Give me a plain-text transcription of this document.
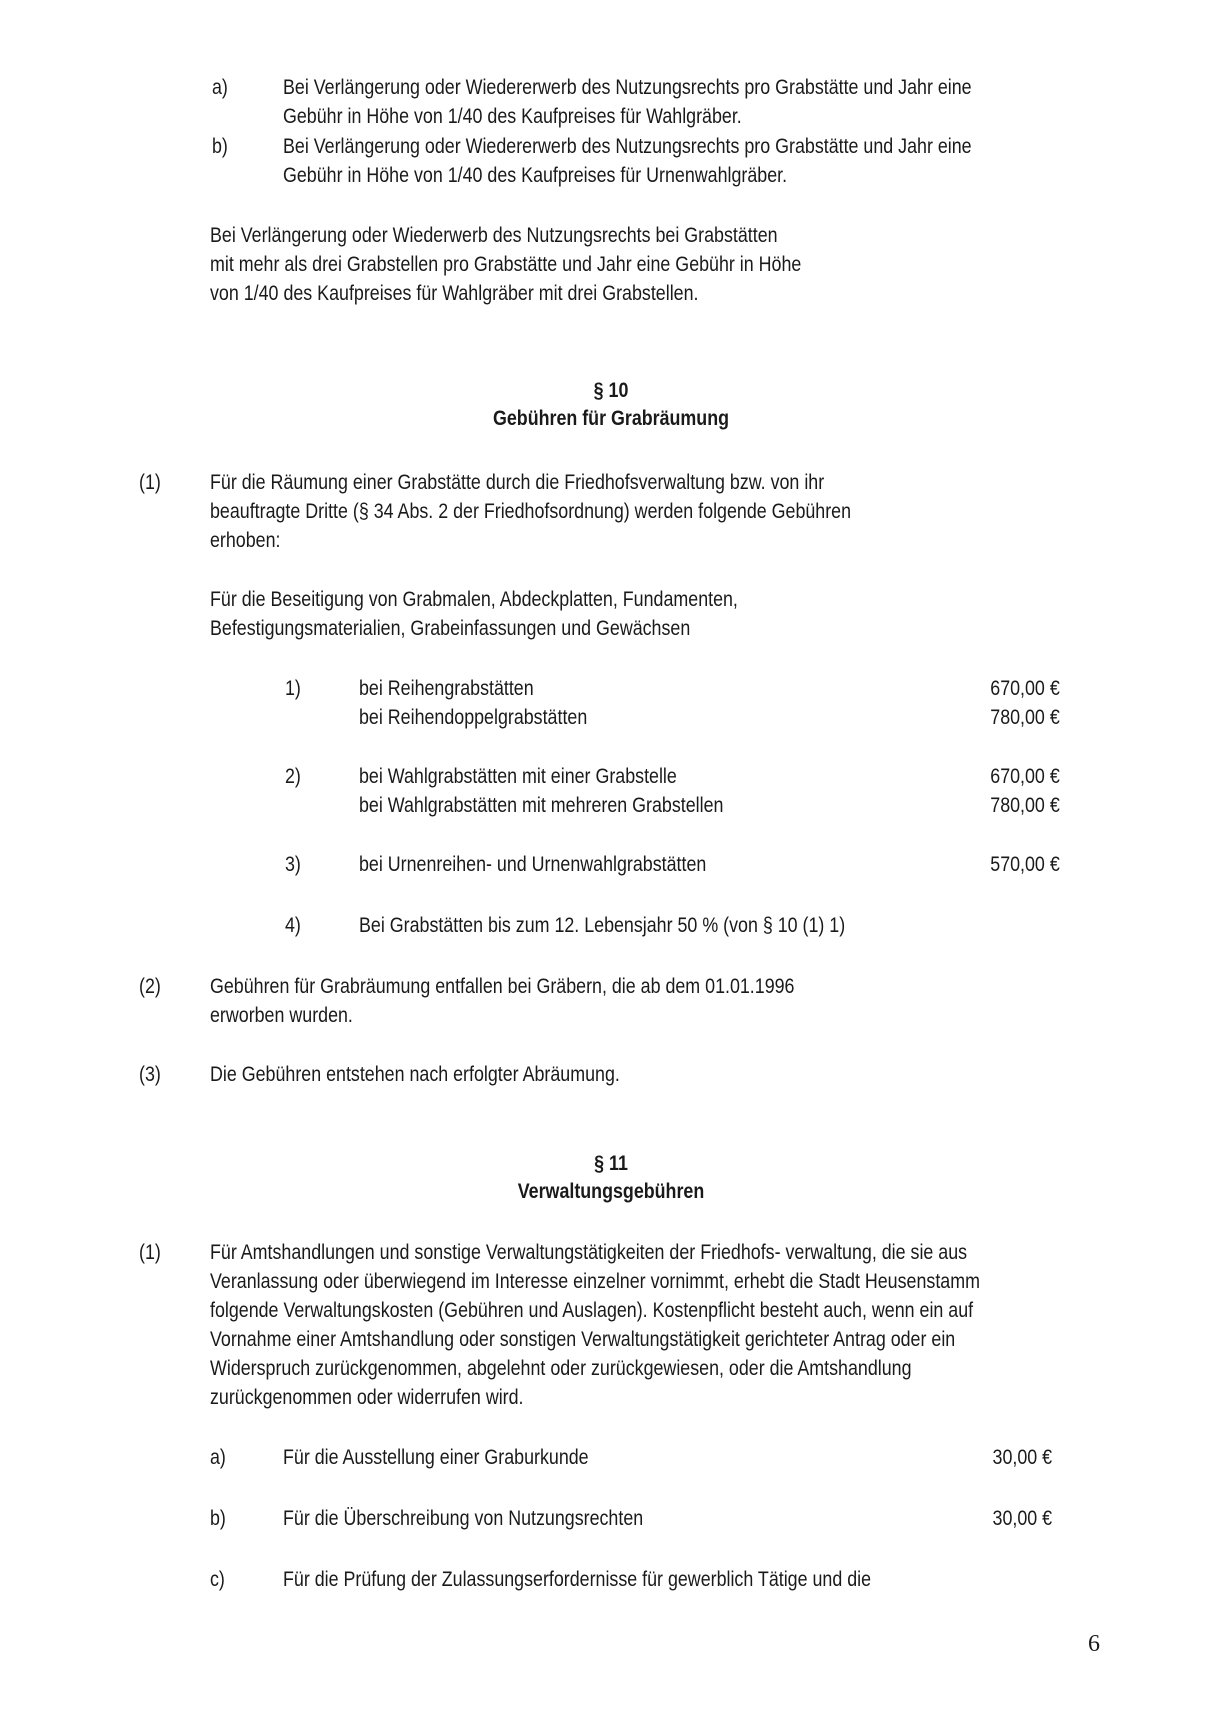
a)	Bei Verlängerung oder Wiedererwerb des Nutzungsrechts pro Grabstätte und Jahr eine
Gebühr in Höhe von 1/40 des Kaufpreises für Wahlgräber.
b)	Bei Verlängerung oder Wiedererwerb des Nutzungsrechts pro Grabstätte und Jahr eine
Gebühr in Höhe von 1/40 des Kaufpreises für Urnenwahlgräber.
Bei Verlängerung oder Wiederwerb des Nutzungsrechts bei Grabstätten
mit mehr als drei Grabstellen pro Grabstätte und Jahr eine Gebühr in Höhe
von 1/40 des Kaufpreises für Wahlgräber mit drei Grabstellen.
§ 10
Gebühren für Grabräumung
(1) Für die Räumung einer Grabstätte durch die Friedhofsverwaltung bzw. von ihr
beauftragte Dritte (§ 34 Abs. 2 der Friedhofsordnung) werden folgende Gebühren
erhoben:
Für die Beseitigung von Grabmalen, Abdeckplatten, Fundamenten,
Befestigungsmaterialien, Grabeinfassungen und Gewächsen
1)	bei Reihengrabstätten	670,00 €
bei Reihendoppelgrabstätten	780,00 €
2)	bei Wahlgrabstätten mit einer Grabstelle	670,00 €
bei Wahlgrabstätten mit mehreren Grabstellen	780,00 €
3)	bei Urnenreihen- und Urnenwahlgrabstätten	570,00 €
4)	Bei Grabstätten bis zum 12. Lebensjahr 50 % (von § 10 (1) 1)
(2) Gebühren für Grabräumung entfallen bei Gräbern, die ab dem 01.01.1996
erworben wurden.
(3) Die Gebühren entstehen nach erfolgter Abräumung.
§ 11
Verwaltungsgebühren
(1) Für Amtshandlungen und sonstige Verwaltungstätigkeiten der Friedhofs- verwaltung, die sie aus
Veranlassung oder überwiegend im Interesse einzelner vornimmt, erhebt die Stadt Heusenstamm
folgende Verwaltungskosten (Gebühren und Auslagen). Kostenpflicht besteht auch, wenn ein auf
Vornahme einer Amtshandlung oder sonstigen Verwaltungstätigkeit gerichteter Antrag oder ein
Widerspruch zurückgenommen, abgelehnt oder zurückgewiesen, oder die Amtshandlung
zurückgenommen oder widerrufen wird.
a)	Für die Ausstellung einer Graburkunde	30,00 €
b)	Für die Überschreibung von Nutzungsrechten	30,00 €
c)	Für die Prüfung der Zulassungserfordernisse für gewerblich Tätige und die
6
